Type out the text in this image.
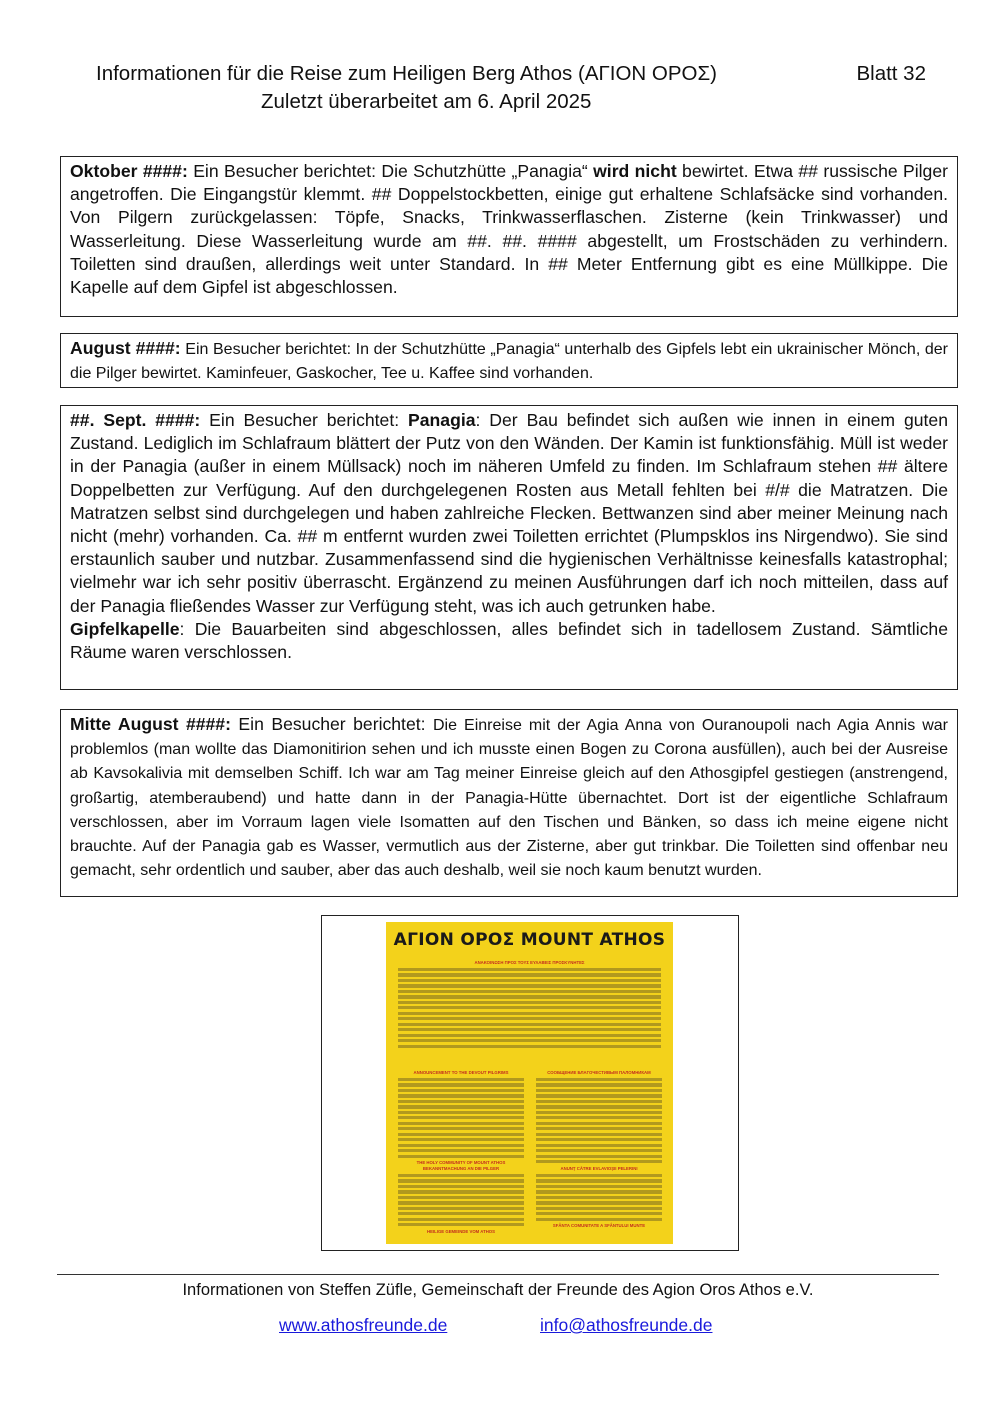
Informationen für die Reise zum Heiligen Berg Athos (ΑΓΙΟΝ ΟΡΟΣ)	Blatt 32
Zuletzt überarbeitet am 6. April 2025
Oktober ####: Ein Besucher berichtet: Die Schutzhütte „Panagia“ wird nicht bewirtet. Etwa ## russische Pilger angetroffen. Die Eingangstür klemmt. ## Doppelstockbetten, einige gut erhaltene Schlafsäcke sind vorhanden. Von Pilgern zurückgelassen: Töpfe, Snacks, Trinkwasserflaschen. Zisterne (kein Trinkwasser) und Wasserleitung. Diese Wasserleitung wurde am ##. ##. #### abgestellt, um Frostschäden zu verhindern. Toiletten sind draußen, allerdings weit unter Standard. In ## Meter Entfernung gibt es eine Müllkippe. Die Kapelle auf dem Gipfel ist abgeschlossen.
August ####: Ein Besucher berichtet: In der Schutzhütte „Panagia“ unterhalb des Gipfels lebt ein ukrainischer Mönch, der die Pilger bewirtet. Kaminfeuer, Gaskocher, Tee u. Kaffee sind vorhanden.
##. Sept. ####: Ein Besucher berichtet: Panagia: Der Bau befindet sich außen wie innen in einem guten Zustand. Lediglich im Schlafraum blättert der Putz von den Wänden. Der Kamin ist funktionsfähig. Müll ist weder in der Panagia (außer in einem Müllsack) noch im näheren Umfeld zu finden. Im Schlafraum stehen ## ältere Doppelbetten zur Verfügung. Auf den durchgelegenen Rosten aus Metall fehlten bei #/# die Matratzen. Die Matratzen selbst sind durchgelegen und haben zahlreiche Flecken. Bettwanzen sind aber meiner Meinung nach nicht (mehr) vorhanden. Ca. ## m entfernt wurden zwei Toiletten errichtet (Plumpsklos ins Nirgendwo). Sie sind erstaunlich sauber und nutzbar. Zusammenfassend sind die hygienischen Verhältnisse keinesfalls katastrophal; vielmehr war ich sehr positiv überrascht. Ergänzend zu meinen Ausführungen darf ich noch mitteilen, dass auf der Panagia fließendes Wasser zur Verfügung steht, was ich auch getrunken habe.
Gipfelkapelle: Die Bauarbeiten sind abgeschlossen, alles befindet sich in tadellosem Zustand. Sämtliche Räume waren verschlossen.
Mitte August ####: Ein Besucher berichtet: Die Einreise mit der Agia Anna von Ouranoupoli nach Agia Annis war problemlos (man wollte das Diamonitirion sehen und ich musste einen Bogen zu Corona ausfüllen), auch bei der Ausreise ab Kavsokalivia mit demselben Schiff. Ich war am Tag meiner Einreise gleich auf den Athosgipfel gestiegen (anstrengend, großartig, atemberaubend) und hatte dann in der Panagia-Hütte übernachtet. Dort ist der eigentliche Schlafraum verschlossen, aber im Vorraum lagen viele Isomatten auf den Tischen und Bänken, so dass ich meine eigene nicht brauchte. Auf der Panagia gab es Wasser, vermutlich aus der Zisterne, aber gut trinkbar. Die Toiletten sind offenbar neu gemacht, sehr ordentlich und sauber, aber das auch deshalb, weil sie noch kaum benutzt wurden.
ΑΓΙΟΝ ΟΡΟΣ MOUNT ATHOS
ΑΝΑΚΟΙΝΩΣΗ ΠΡΟΣ ΤΟΥΣ ΕΥΛΑΒΕΙΣ ΠΡΟΣΚΥΝΗΤΕΣ
ANNOUNCEMENT TO THE DEVOUT PILGRIMS
THE HOLY COMMUNITY OF MOUNT ATHOS
СООБЩЕНИЕ БЛАГОЧЕСТИВЫМ ПАЛОМНИКАМ
BEKANNTMACHUNG AN DIE PILGER
HEILIGE GEMEINDE VOM ATHOS
ANUNȚ CĂTRE EVLAVIOȘII PELERINI
SFÂNTA COMUNITATE A SFÂNTULUI MUNTE
Informationen von Steffen Züfle, Gemeinschaft der Freunde des Agion Oros Athos e.V.
www.athosfreunde.de	info@athosfreunde.de
